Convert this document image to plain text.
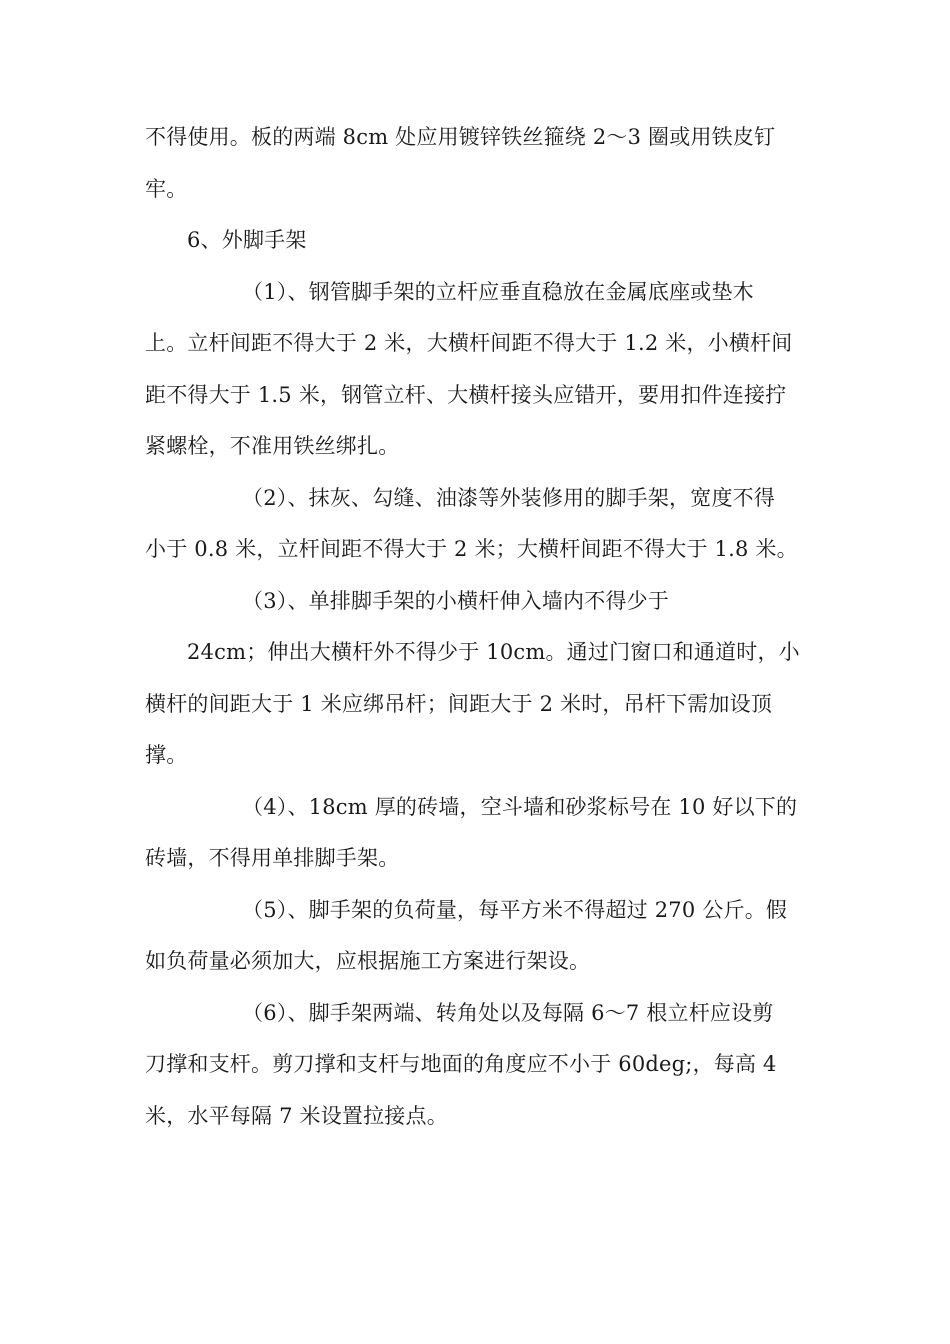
不得使用。板的两端 8cm 处应用镀锌铁丝箍绕 2～3 圈或用铁皮钉
牢。
6、外脚手架
（1）、钢管脚手架的立杆应垂直稳放在金属底座或垫木
上。立杆间距不得大于 2 米，大横杆间距不得大于 1.2 米，小横杆间
距不得大于 1.5 米，钢管立杆、大横杆接头应错开，要用扣件连接拧
紧螺栓，不准用铁丝绑扎。
（2）、抹灰、勾缝、油漆等外装修用的脚手架，宽度不得
小于 0.8 米，立杆间距不得大于 2 米；大横杆间距不得大于 1.8 米。
（3）、单排脚手架的小横杆伸入墙内不得少于
24cm；伸出大横杆外不得少于 10cm。通过门窗口和通道时，小
横杆的间距大于 1 米应绑吊杆；间距大于 2 米时，吊杆下需加设顶
撑。
（4）、18cm 厚的砖墙，空斗墙和砂浆标号在 10 好以下的
砖墙，不得用单排脚手架。
（5）、脚手架的负荷量，每平方米不得超过 270 公斤。假
如负荷量必须加大，应根据施工方案进行架设。
（6）、脚手架两端、转角处以及每隔 6～7 根立杆应设剪
刀撑和支杆。剪刀撑和支杆与地面的角度应不小于 60deg;，每高 4
米，水平每隔 7 米设置拉接点。
